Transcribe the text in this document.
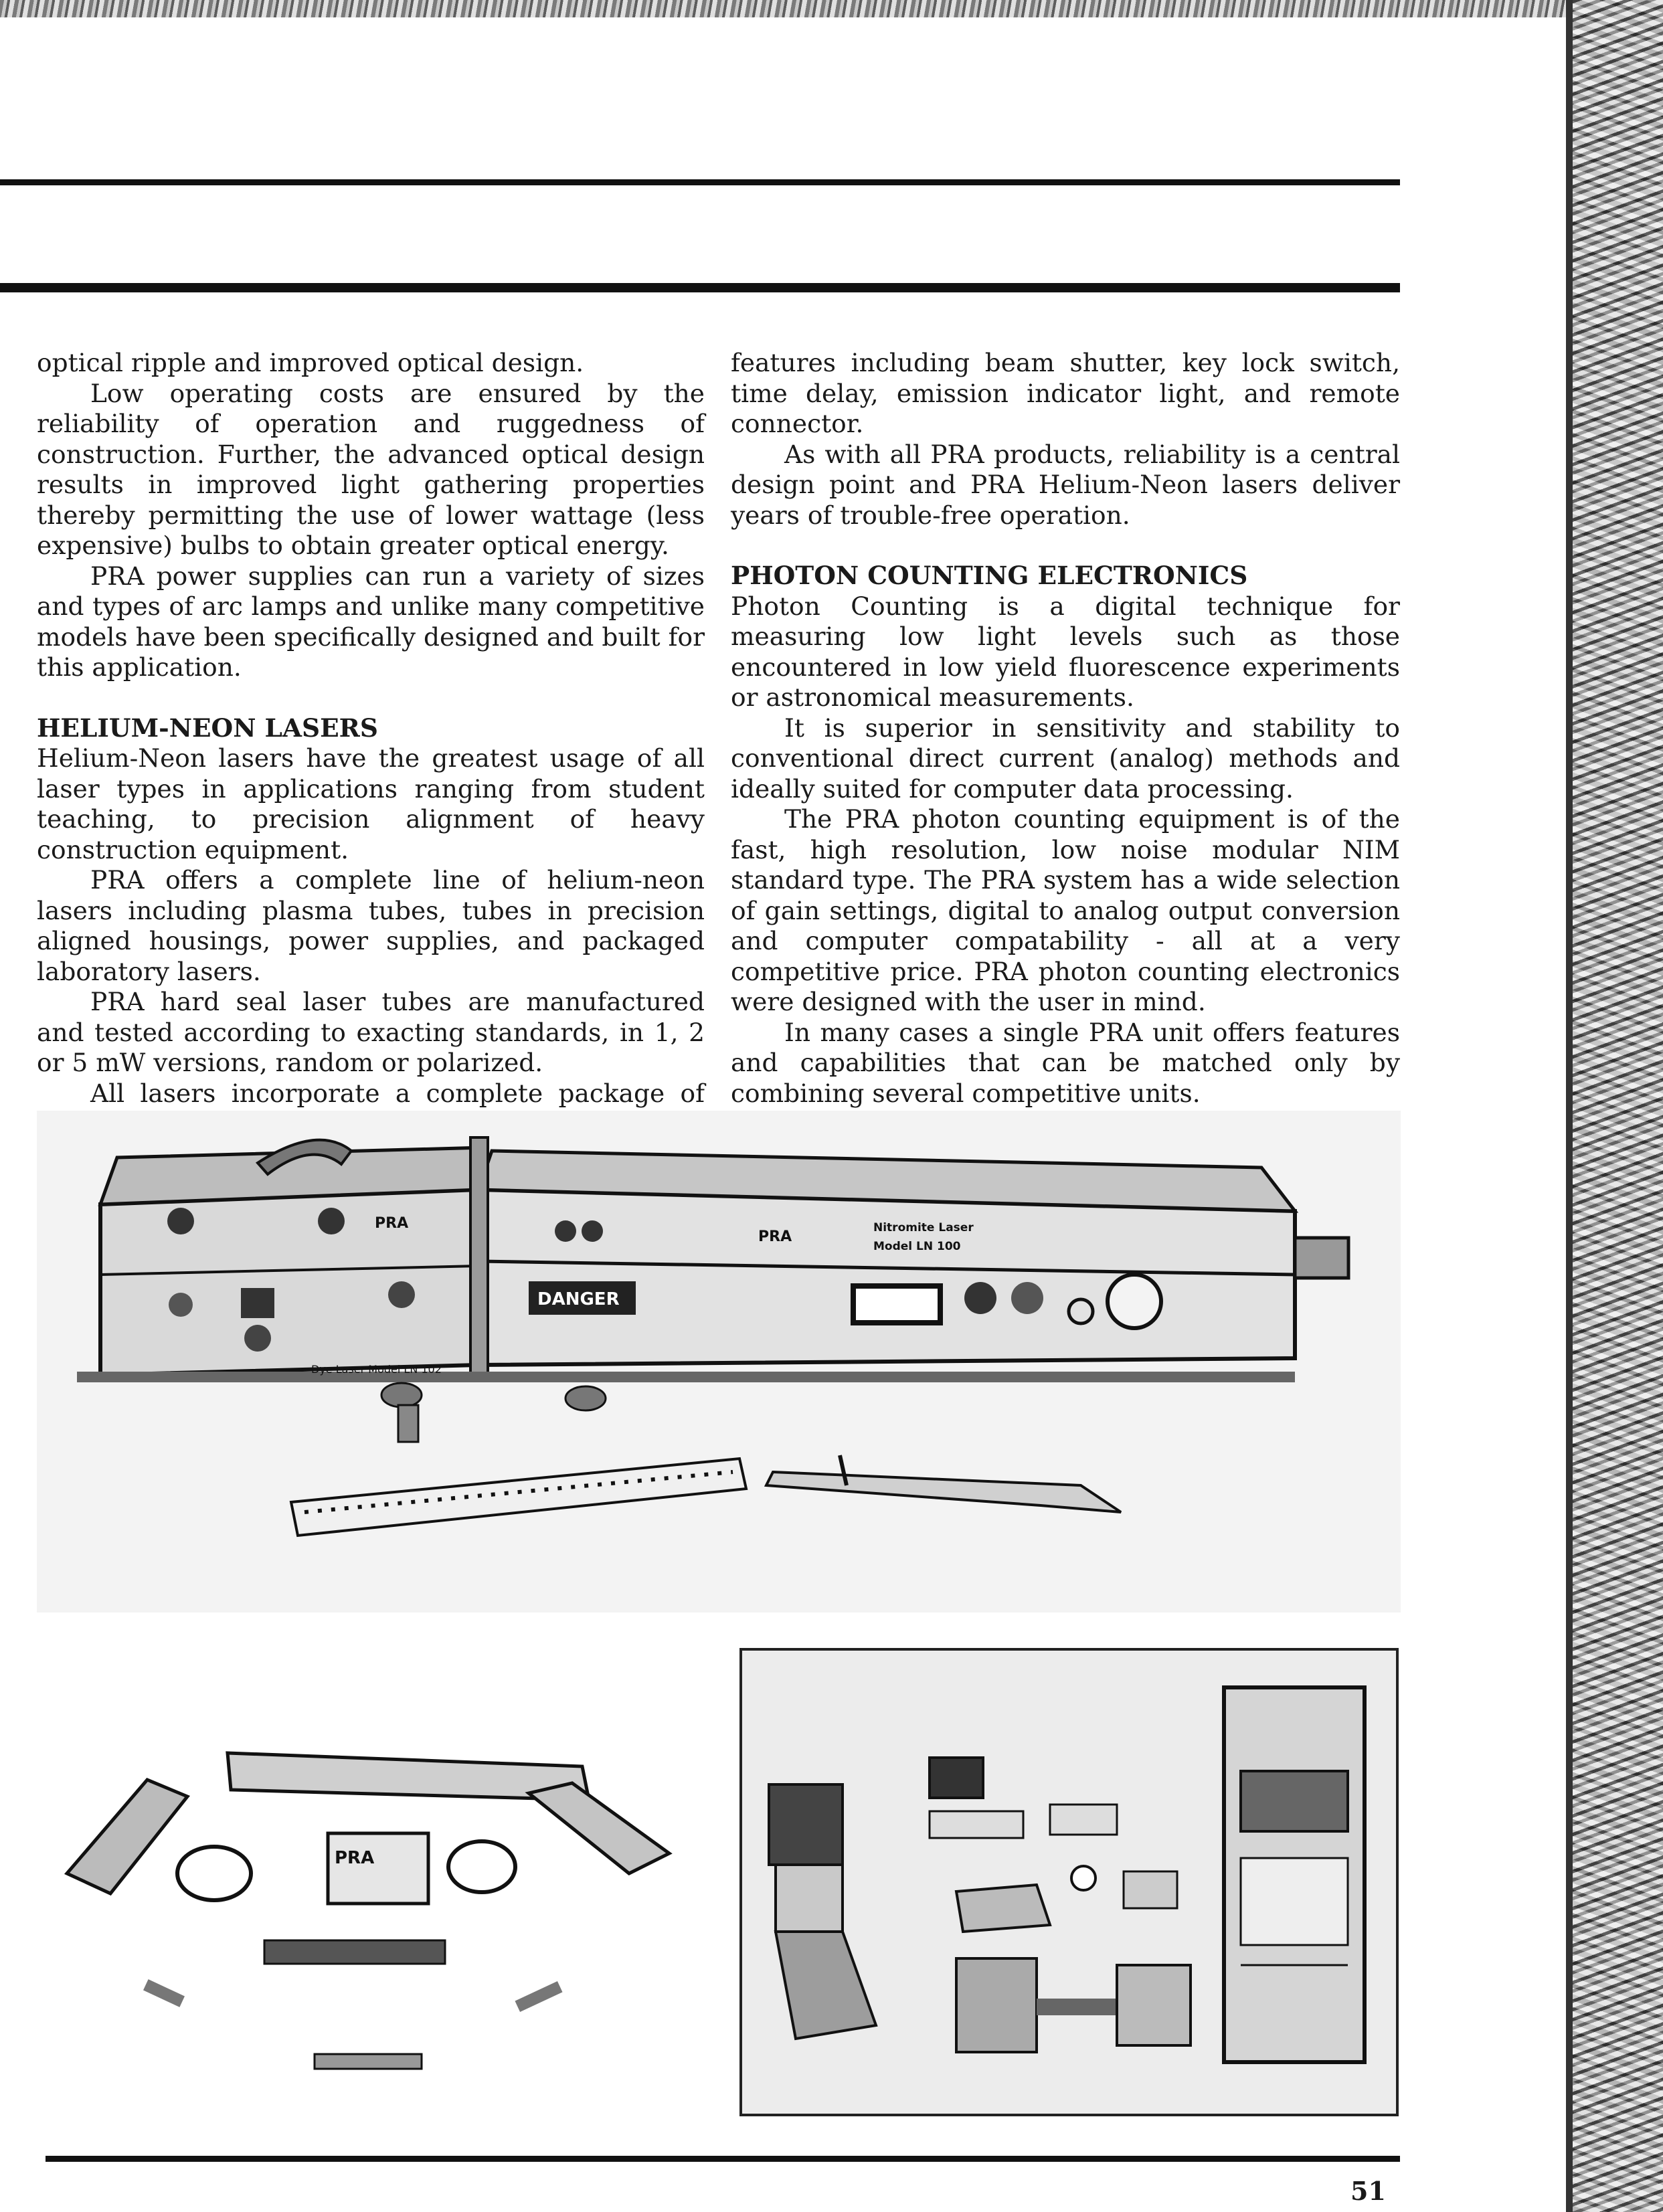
optical ripple and improved optical design.

Low operating costs are ensured by the reliability of operation and ruggedness of construction. Further, the advanced optical design results in improved light gathering properties thereby permitting the use of lower wattage (less expensive) bulbs to obtain greater optical energy.

PRA power supplies can run a variety of sizes and types of arc lamps and unlike many competitive models have been specifically designed and built for this application.

HELIUM-NEON LASERS

Helium-Neon lasers have the greatest usage of all laser types in applications ranging from student teaching, to precision alignment of heavy construction equipment.

PRA offers a complete line of helium-neon lasers including plasma tubes, tubes in precision aligned housings, power supplies, and packaged laboratory lasers.

PRA hard seal laser tubes are manufactured and tested according to exacting standards, in 1, 2 or 5 mW versions, random or polarized.

All lasers incorporate a complete package of

features including beam shutter, key lock switch, time delay, emission indicator light, and remote connector.

As with all PRA products, reliability is a central design point and PRA Helium-Neon lasers deliver years of trouble-free operation.

PHOTON COUNTING ELECTRONICS

Photon Counting is a digital technique for measuring low light levels such as those encountered in low yield fluorescence experiments or astronomical measurements.

It is superior in sensitivity and stability to conventional direct current (analog) methods and ideally suited for computer data processing.

The PRA photon counting equipment is of the fast, high resolution, low noise modular NIM standard type. The PRA system has a wide selection of gain settings, digital to analog output conversion and computer compatability - all at a very competitive price. PRA photon counting electronics were designed with the user in mind.

In many cases a single PRA unit offers features and capabilities that can be matched only by combining several competitive units.

PRA
Dye Laser Model LN 102
PRA
Nitromite Laser
Model LN 100
DANGER
PRA
51
